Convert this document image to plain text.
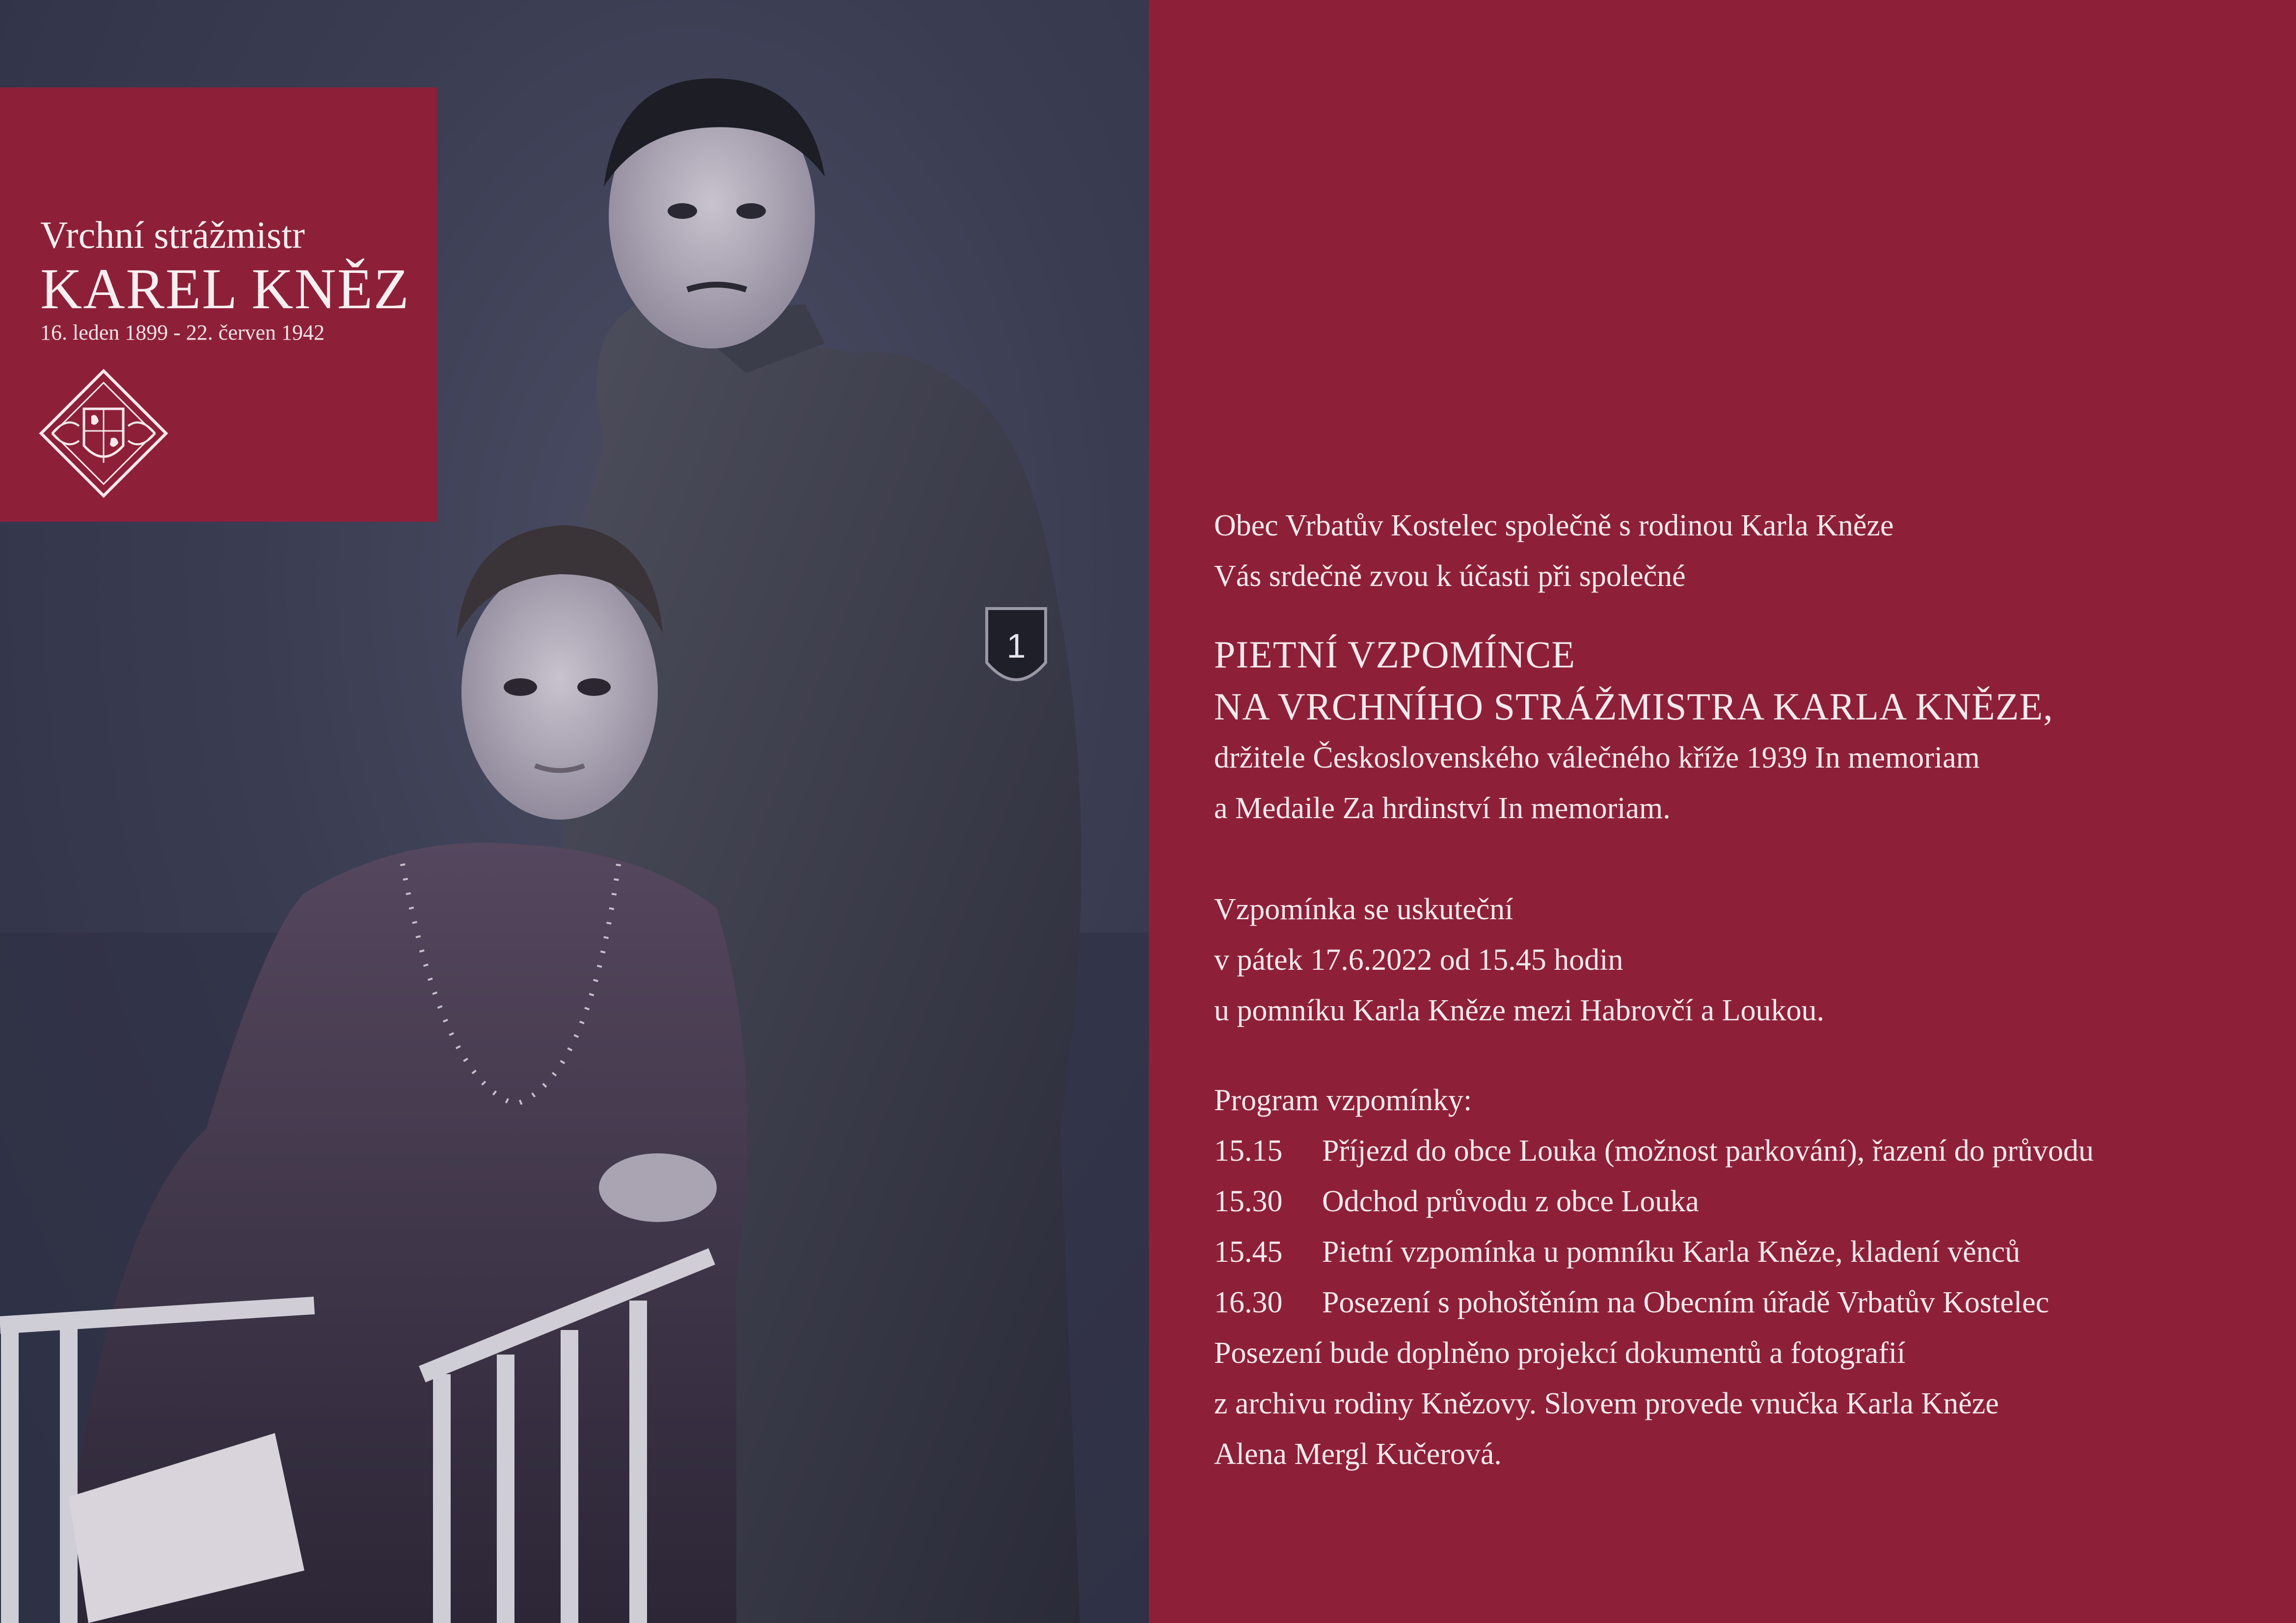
1
Vrchní strážmistr
KAREL KNĚZ
16. leden 1899 - 22. červen 1942
Obec Vrbatův Kostelec společně s rodinou Karla Kněze
Vás srdečně zvou k účasti při společné
PIETNÍ VZPOMÍNCE
NA VRCHNÍHO STRÁŽMISTRA KARLA KNĚZE,
držitele Československého válečného kříže 1939 In memoriam
a Medaile Za hrdinství In memoriam.
Vzpomínka se uskuteční
v pátek 17.6.2022 od 15.45 hodin
u pomníku Karla Kněze mezi Habrovčí a Loukou.
Program vzpomínky:
15.15	Příjezd do obce Louka (možnost parkování), řazení do průvodu
15.30	Odchod průvodu z obce Louka
15.45	Pietní vzpomínka u pomníku Karla Kněze, kladení věnců
16.30	Posezení s pohoštěním na Obecním úřadě Vrbatův Kostelec
Posezení bude doplněno projekcí dokumentů a fotografií
z archivu rodiny Knězovy. Slovem provede vnučka Karla Kněze
Alena Mergl Kučerová.
